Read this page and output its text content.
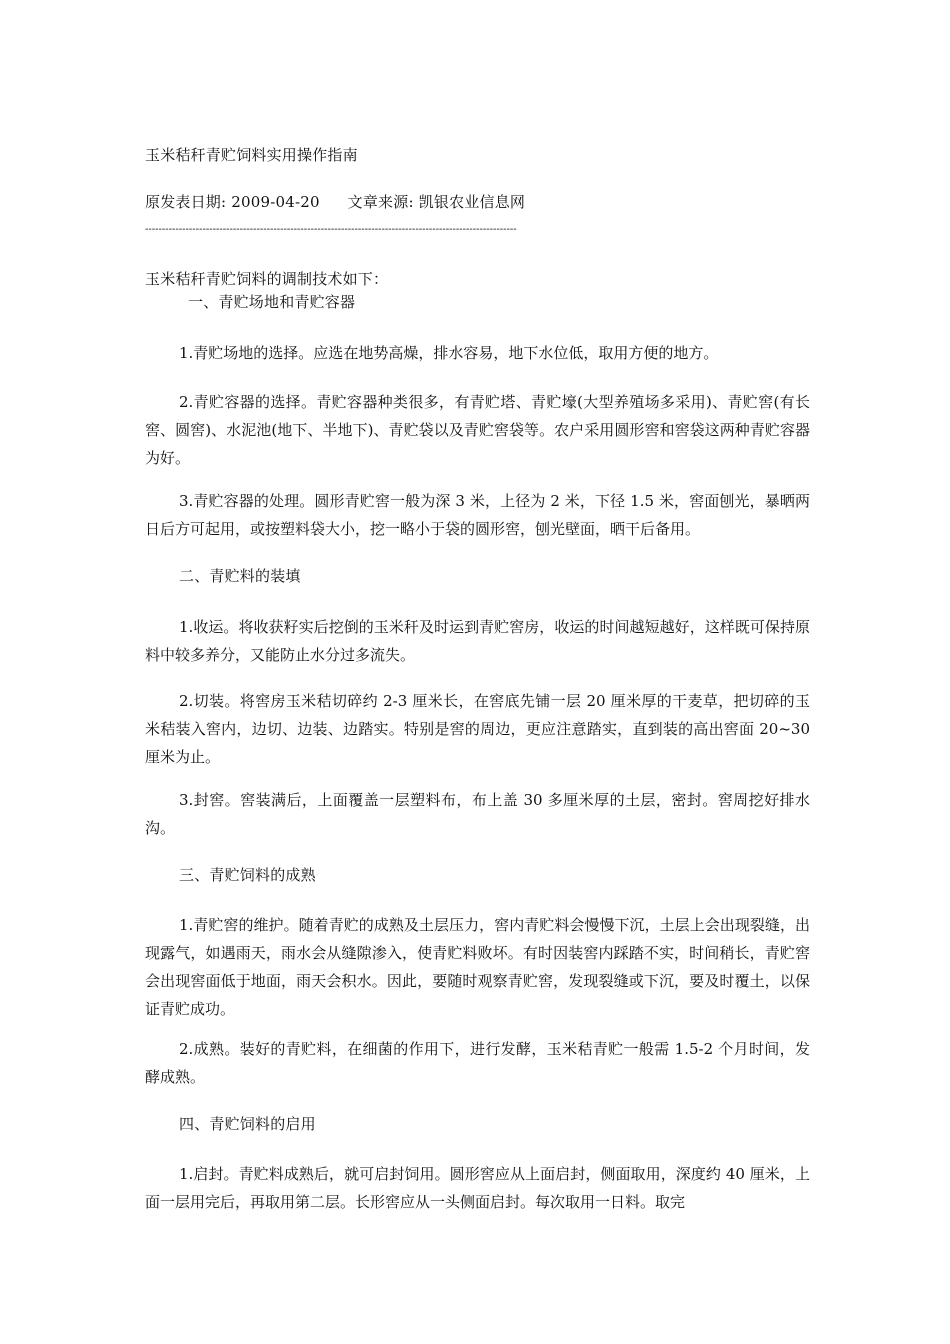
玉米秸秆青贮饲料实用操作指南
原发表日期: 2009-04-20 文章来源: 凯银农业信息网
--------------------------------------------------------------------------------------------------------------
玉米秸秆青贮饲料的调制技术如下：
一、青贮场地和青贮容器
1.青贮场地的选择。应选在地势高燥，排水容易，地下水位低，取用方便的地方。
2.青贮容器的选择。青贮容器种类很多，有青贮塔、青贮壕(大型养殖场多采用)、青贮窖(有长窖、圆窖)、水泥池(地下、半地下)、青贮袋以及青贮窖袋等。农户采用圆形窖和窖袋这两种青贮容器为好。
3.青贮容器的处理。圆形青贮窖一般为深 3 米，上径为 2 米，下径 1.5 米，窖面刨光，暴晒两日后方可起用，或按塑料袋大小，挖一略小于袋的圆形窖，刨光壁面，晒干后备用。
二、青贮料的装填
1.收运。将收获籽实后挖倒的玉米秆及时运到青贮窖房，收运的时间越短越好，这样既可保持原料中较多养分，又能防止水分过多流失。
2.切装。将窖房玉米秸切碎约 2-3 厘米长，在窖底先铺一层 20 厘米厚的干麦草，把切碎的玉米秸装入窖内，边切、边装、边踏实。特别是窖的周边，更应注意踏实，直到装的高出窖面 20~30 厘米为止。
3.封窖。窖装满后，上面覆盖一层塑料布，布上盖 30 多厘米厚的土层，密封。窖周挖好排水沟。
三、青贮饲料的成熟
1.青贮窖的维护。随着青贮的成熟及土层压力，窖内青贮料会慢慢下沉，土层上会出现裂缝，出现露气，如遇雨天，雨水会从缝隙渗入，使青贮料败坏。有时因装窖内踩踏不实，时间稍长，青贮窖会出现窖面低于地面，雨天会积水。因此，要随时观察青贮窖，发现裂缝或下沉，要及时覆土，以保证青贮成功。
2.成熟。装好的青贮料，在细菌的作用下，进行发酵，玉米秸青贮一般需 1.5-2 个月时间，发酵成熟。
四、青贮饲料的启用
1.启封。青贮料成熟后，就可启封饲用。圆形窖应从上面启封，侧面取用，深度约 40 厘米，上面一层用完后，再取用第二层。长形窖应从一头侧面启封。每次取用一日料。取完
